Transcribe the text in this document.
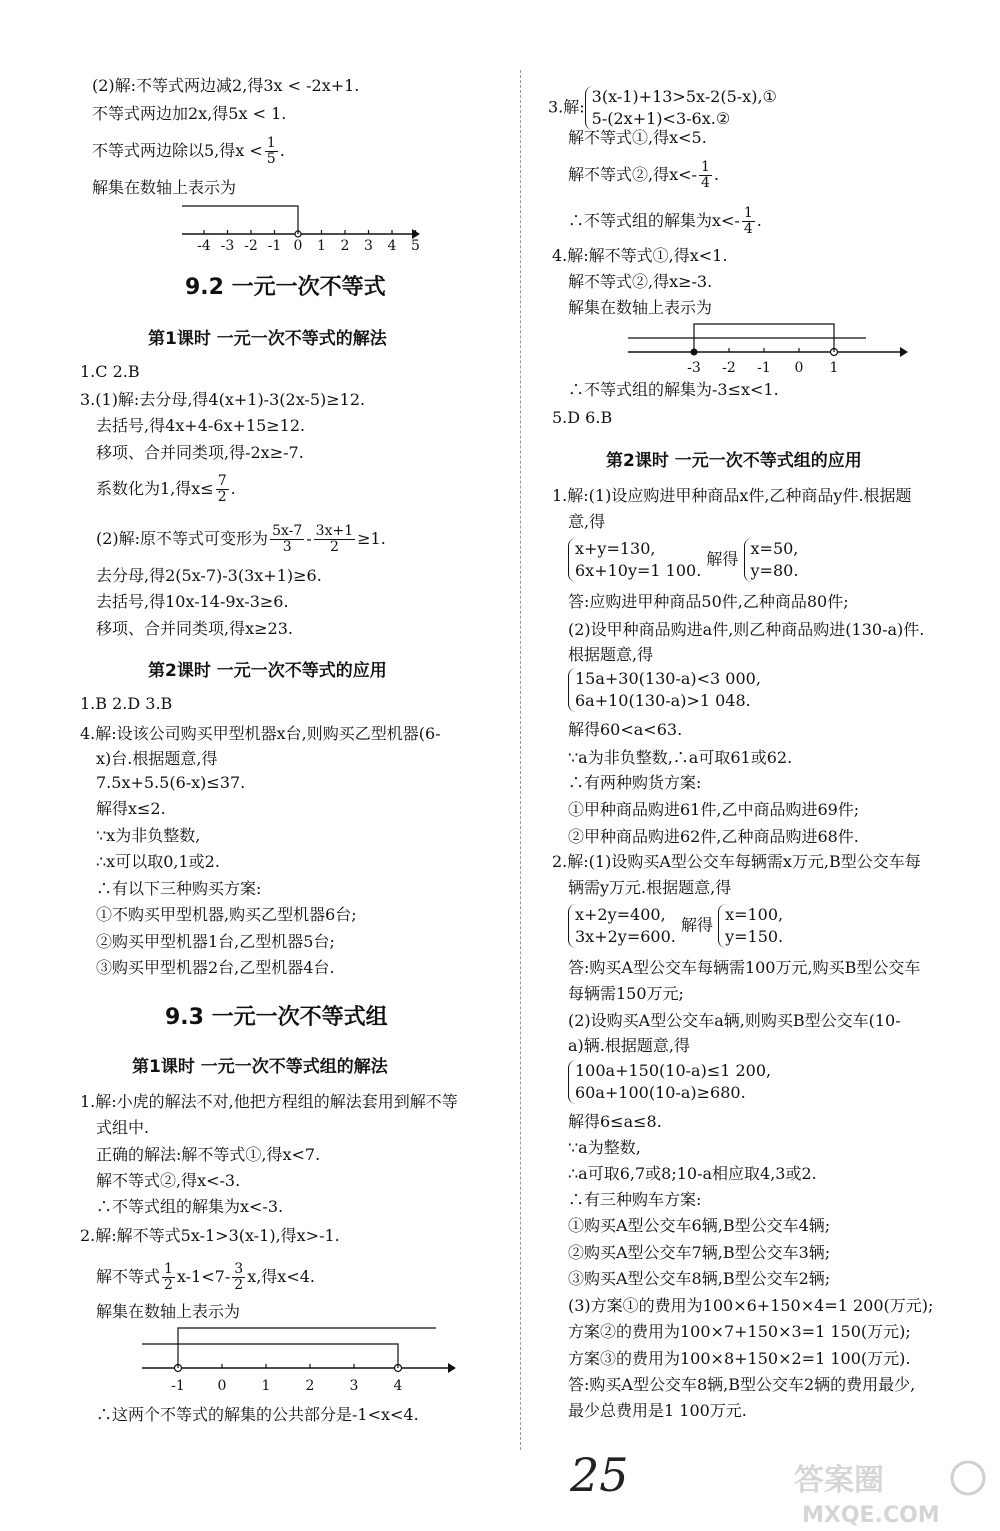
(2)解:不等式两边减2,得3x < -2x+1.
不等式两边加2x,得5x < 1.
不等式两边除以5,得$x < \frac{1}{5}$ .
解集在数轴上表示为
-4 -3 -2 -1 0 1 2 3 4 5
9.2 一元一次不等式
第1课时 一元一次不等式的解法
1.C 2.B
3.(1)解:去分母,得4(x+1)-3(2x-5)≥12.
去括号,得4x+4-6x+15≥12.
移项、合并同类项,得-2x≥-7.
系数化为1,得$x\le \frac{7}{2}$ .
(2)解:原不等式可变形为 $\frac{5x-7}{3} - \frac{3x+1}{2} \ge 1$.
去分母,得2(5x-7)-3(3x+1)≥6.
去括号,得10x-14-9x-3≥6.
移项、合并同类项,得x≥23.
第2课时 一元一次不等式的应用
1.B 2.D 3.B
4.解:设该公司购买甲型机器x台,则购买乙型机器(6-
x)台.根据题意,得
7.5x+5.5(6-x)≤37.
解得x≤2.
∵x为非负整数,
∴x可以取0,1或2.
∴有以下三种购买方案:
①不购买甲型机器,购买乙型机器6台;
②购买甲型机器1台,乙型机器5台;
③购买甲型机器2台,乙型机器4台.
9.3 一元一次不等式组
第1课时 一元一次不等式组的解法
1.解:小虎的解法不对,他把方程组的解法套用到解不等
式组中.
正确的解法:解不等式①,得x<7.
解不等式②,得x<-3.
∴不等式组的解集为x<-3.
2.解:解不等式5x-1>3(x-1),得x>-1.
解不等式 $\frac{1}{2} x-1<7- \frac{3}{2} x$,得x<4.
解集在数轴上表示为
-1 0	1	2	3	4
∴这两个不等式的解集的公共部分是-1<x<4.
3.解:3(x-1)+13>5x-2(5-x),①
5-(2x+1)<3-6x.②
解不等式①,得x<5.
解不等式②,得$x<- \frac{1}{4}$ .
∴不等式组的解集为$x<- \frac{1}{4}$ .
4.解:解不等式①,得x<1.
解不等式②,得x≥-3.
解集在数轴上表示为
-3 -2 -1 0 1
∴不等式组的解集为-3≤x<1.
5.D 6.B
第2课时 一元一次不等式组的应用
1.解:(1)设应购进甲种商品x件,乙种商品y件.根据题
意,得
x+y=130,
6x+10y=1 100. 解得 x=50,
y=80.
答:应购进甲种商品50件,乙种商品80件;
(2)设甲种商品购进a件,则乙种商品购进(130-a)件.
根据题意,得
15a+30(130-a)<3 000,
6a+10(130-a)>1 048.
解得60<a<63.
∵a为非负整数,∴a可取61或62.
∴有两种购货方案:
①甲种商品购进61件,乙中商品购进69件;
②甲种商品购进62件,乙种商品购进68件.
2.解:(1)设购买A型公交车每辆需x万元,B型公交车每
辆需y万元.根据题意,得
x+2y=400,
3x+2y=600. 解得 x=100,
y=150.
答:购买A型公交车每辆需100万元,购买B型公交车
每辆需150万元;
(2)设购买A型公交车a辆,则购买B型公交车(10-
a)辆.根据题意,得
100a+150(10-a)≤1 200,
60a+100(10-a)≥680.
解得6≤a≤8.
∵a为整数,
∴a可取6,7或8;10-a相应取4,3或2.
∴有三种购车方案:
①购买A型公交车6辆,B型公交车4辆;
②购买A型公交车7辆,B型公交车3辆;
③购买A型公交车8辆,B型公交车2辆;
(3)方案①的费用为100×6+150×4=1 200(万元);
方案②的费用为100×7+150×3=1 150(万元);
方案③的费用为100×8+150×2=1 100(万元).
答:购买A型公交车8辆,B型公交车2辆的费用最少,
最少总费用是1 100万元.
25	答案圈
MXQE.COM
